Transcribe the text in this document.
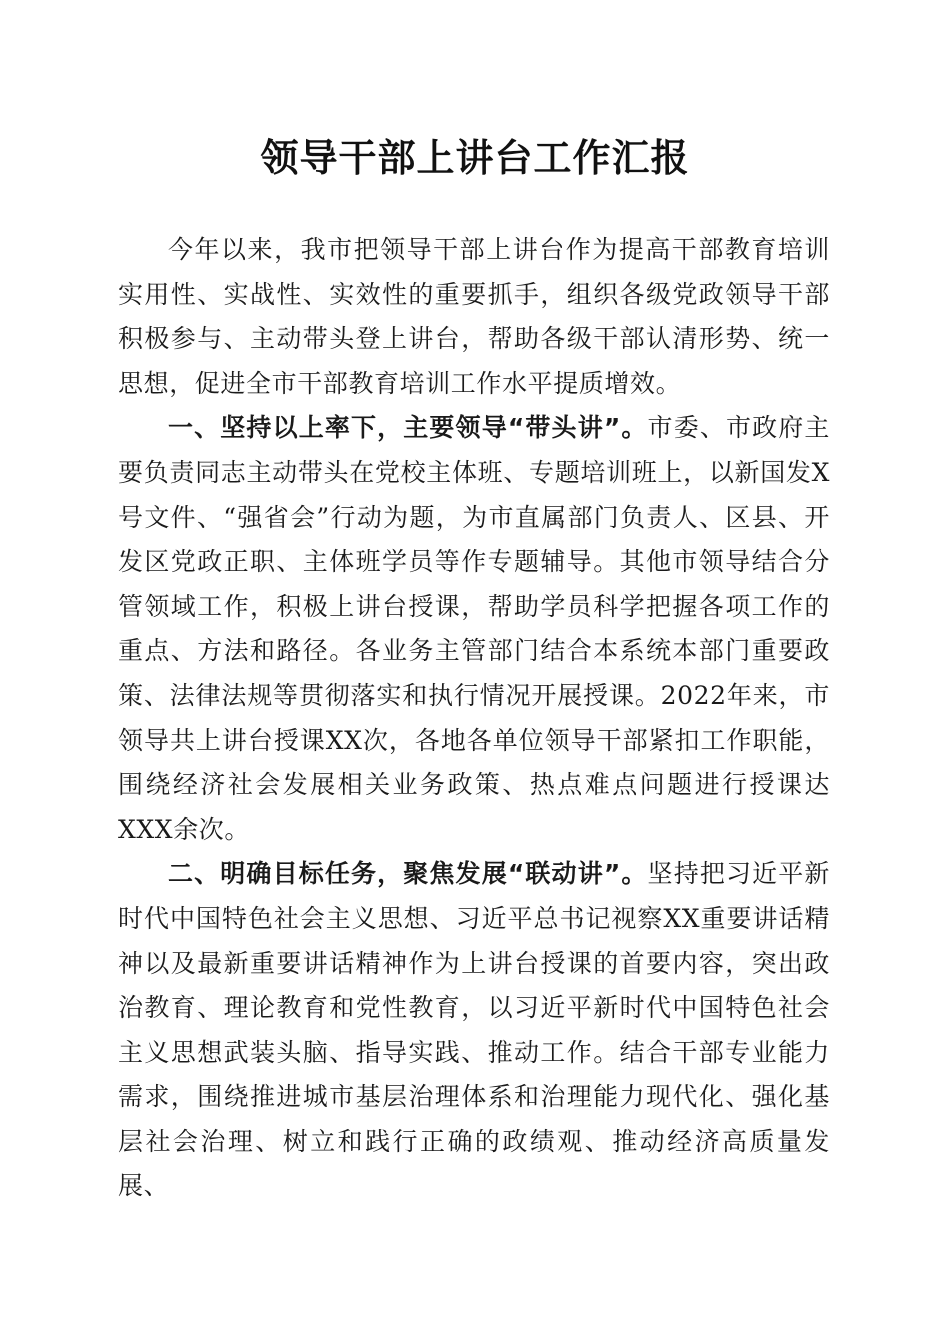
领导干部上讲台工作汇报

今年以来，我市把领导干部上讲台作为提高干部教育培训实用性、实战性、实效性的重要抓手，组织各级党政领导干部积极参与、主动带头登上讲台，帮助各级干部认清形势、统一思想，促进全市干部教育培训工作水平提质增效。

一、坚持以上率下，主要领导“带头讲”。市委、市政府主要负责同志主动带头在党校主体班、专题培训班上，以新国发X号文件、“强省会”行动为题，为市直属部门负责人、区县、开发区党政正职、主体班学员等作专题辅导。其他市领导结合分管领域工作，积极上讲台授课，帮助学员科学把握各项工作的重点、方法和路径。各业务主管部门结合本系统本部门重要政策、法律法规等贯彻落实和执行情况开展授课。2022年来，市领导共上讲台授课XX次，各地各单位领导干部紧扣工作职能，围绕经济社会发展相关业务政策、热点难点问题进行授课达XXX余次。

二、明确目标任务，聚焦发展“联动讲”。坚持把习近平新时代中国特色社会主义思想、习近平总书记视察XX重要讲话精神以及最新重要讲话精神作为上讲台授课的首要内容，突出政治教育、理论教育和党性教育，以习近平新时代中国特色社会主义思想武装头脑、指导实践、推动工作。结合干部专业能力需求，围绕推进城市基层治理体系和治理能力现代化、强化基层社会治理、树立和践行正确的政绩观、推动经济高质量发展、
